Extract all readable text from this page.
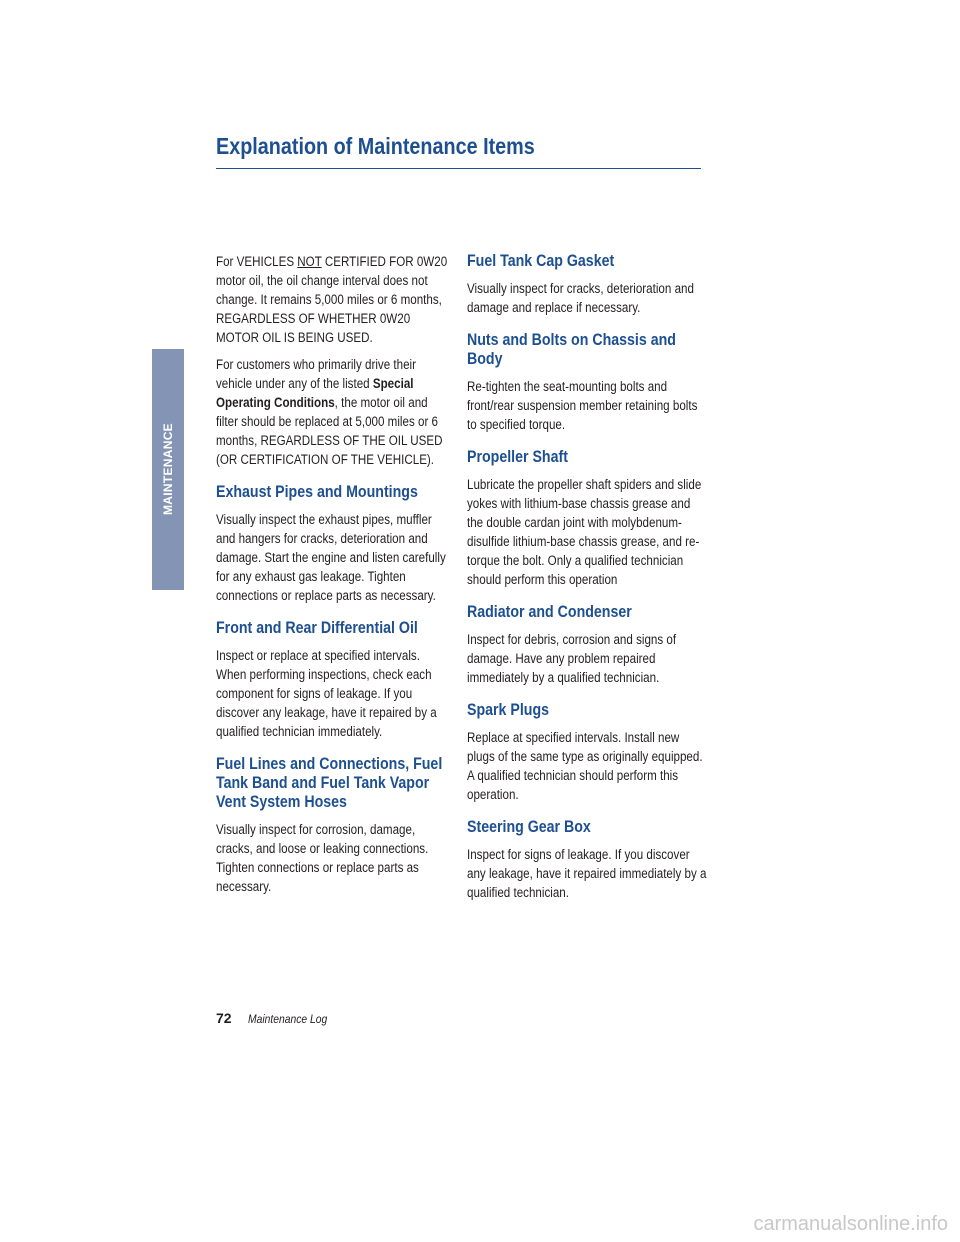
Explanation of Maintenance Items
MAINTENANCE

For VEHICLES NOT CERTIFIED FOR 0W20 motor oil, the oil change interval does not change. It remains 5,000 miles or 6 months, REGARDLESS OF WHETHER 0W20 MOTOR OIL IS BEING USED.

For customers who primarily drive their vehicle under any of the listed Special Operating Conditions, the motor oil and filter should be replaced at 5,000 miles or 6 months, REGARDLESS OF THE OIL USED (OR CERTIFICATION OF THE VEHICLE).

Exhaust Pipes and Mountings

Visually inspect the exhaust pipes, muffler and hangers for cracks, deterioration and damage. Start the engine and listen carefully for any exhaust gas leakage. Tighten connections or replace parts as necessary.

Front and Rear Differential Oil

Inspect or replace at specified intervals. When performing inspections, check each component for signs of leakage. If you discover any leakage, have it repaired by a qualified technician immediately.

Fuel Lines and Connections, Fuel Tank Band and Fuel Tank Vapor Vent System Hoses

Visually inspect for corrosion, damage, cracks, and loose or leaking connections. Tighten connections or replace parts as necessary.

Fuel Tank Cap Gasket

Visually inspect for cracks, deterioration and damage and replace if necessary.

Nuts and Bolts on Chassis and Body

Re-tighten the seat-mounting bolts and front/rear suspension member retaining bolts to specified torque.

Propeller Shaft

Lubricate the propeller shaft spiders and slide yokes with lithium-base chassis grease and the double cardan joint with molybdenum-disulfide lithium-base chassis grease, and re-torque the bolt. Only a qualified technician should perform this operation

Radiator and Condenser

Inspect for debris, corrosion and signs of damage. Have any problem repaired immediately by a qualified technician.

Spark Plugs

Replace at specified intervals. Install new plugs of the same type as originally equipped. A qualified technician should perform this operation.

Steering Gear Box

Inspect for signs of leakage. If you discover any leakage, have it repaired immediately by a qualified technician.

72 Maintenance Log
carmanualsonline.info
